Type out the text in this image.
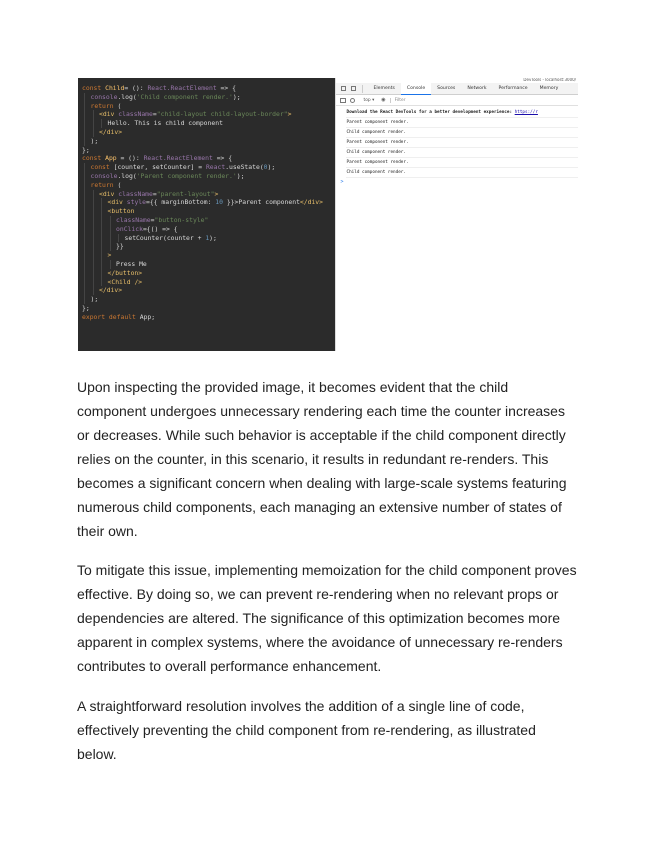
const Child= (): React.ReactElement => {
console.log('Child component render.');
return (
<div className="child-layout child-layout-border">
Hello. This is child component
</div>
);
};
const App = (): React.ReactElement => {
const [counter, setCounter] = React.useState(0);
console.log('Parent component render.');
return (
<div className="parent-layout">
<div style={{ marginBottom: 10 }}>Parent component</div>
<button
className="button-style"
onClick={() => {
setCounter(counter + 1);
}}
>
Press Me
</button>
<Child />
</div>
);
};
export default App;
DevTools - localhost:3000/
Elements	Console	Sources	Network	Performance	Memory
top ▾	◉	Filter
Download the React DevTools for a better development experience: https://r
Parent component render.
Child component render.
Parent component render.
Child component render.
Parent component render.
Child component render.
>

Upon inspecting the provided image, it becomes evident that the child component undergoes unnecessary rendering each time the counter increases or decreases. While such behavior is acceptable if the child component directly relies on the counter, in this scenario, it results in redundant re-renders. This becomes a significant concern when dealing with large-scale systems featuring numerous child components, each managing an extensive number of states of their own.

To mitigate this issue, implementing memoization for the child component proves effective. By doing so, we can prevent re-rendering when no relevant props or dependencies are altered. The significance of this optimization becomes more apparent in complex systems, where the avoidance of unnecessary re-renders contributes to overall performance enhancement.

A straightforward resolution involves the addition of a single line of code, effectively preventing the child component from re-rendering, as illustrated below.
